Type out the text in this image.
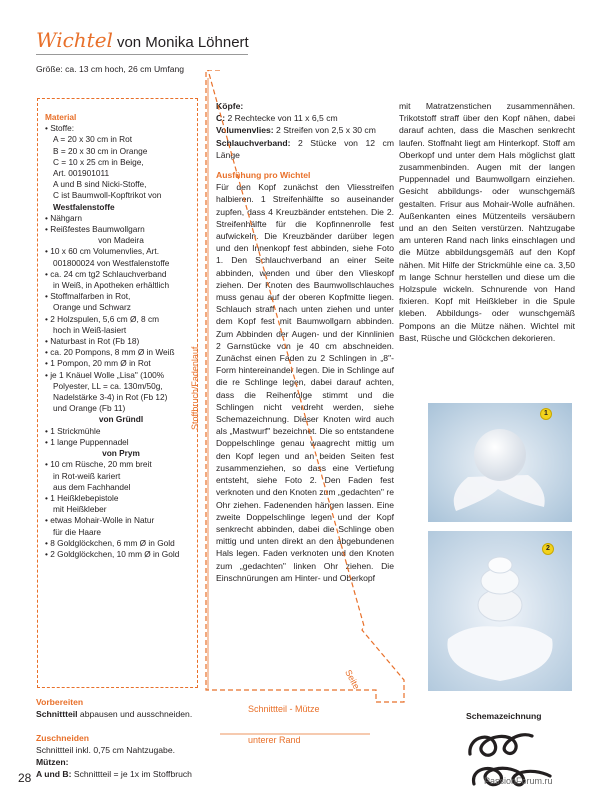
Wichtel von Monika Löhnert
Größe: ca. 13 cm hoch, 26 cm Umfang
Material
• Stoffe:
A = 20 x 30 cm in Rot
B = 20 x 30 cm in Orange
C = 10 x 25 cm in Beige,
Art. 001901011
A und B sind Nicki-Stoffe,
C ist Baumwoll-Kopftrikot von
Westfalenstoffe
• Nähgarn
• Reißfestes Baumwollgarn
von Madeira
• 10 x 60 cm Volumenvlies, Art.
001800024 von Westfalenstoffe
• ca. 24 cm tg2 Schlauchverband
in Weiß, in Apotheken erhältlich
• Stoffmalfarben in Rot,
Orange und Schwarz
• 2 Holzspulen, 5,6 cm Ø, 8 cm
hoch in Weiß-lasiert
• Naturbast in Rot (Fb 18)
• ca. 20 Pompons, 8 mm Ø in Weiß
• 1 Pompon, 20 mm Ø in Rot
• je 1 Knäuel Wolle „Lisa" (100%
Polyester, LL = ca. 130m/50g,
Nadelstärke 3-4) in Rot (Fb 12)
und Orange (Fb 11)
von Gründl
• 1 Strickmühle
• 1 lange Puppennadel
von Prym
• 10 cm Rüsche, 20 mm breit
in Rot-weiß kariert
aus dem Fachhandel
• 1 Heißklebepistole
mit Heißkleber
• etwas Mohair-Wolle in Natur
für die Haare
• 8 Goldglöckchen, 6 mm Ø in Gold
• 2 Goldglöckchen, 10 mm Ø in Gold
Vorbereiten
Schnittteil abpausen und ausschneiden.
Zuschneiden
Schnittteil inkl. 0,75 cm Nahtzugabe.
Mützen:
A und B: Schnittteil = je 1x im Stoffbruch
Köpfe:
C: 2 Rechtecke von 11 x 6,5 cm
Volumenvlies: 2 Streifen von 2,5 x 30 cm
Schlauchverband: 2 Stücke von 12 cm Länge
Ausfühung pro Wichtel
Für den Kopf zunächst den Vliesstreifen halbieren. 1 Streifenhälfte so auseinander zupfen, dass 4 Kreuzbänder entstehen. Die 2. Streifenhälfte für die Kopfinnenrolle fest aufwickeln. Die Kreuzbänder darüber legen und den Innenkopf fest abbinden, siehe Foto 1. Den Schlauchverband an einer Seite abbinden, wenden und über den Vlieskopf ziehen. Der Knoten des Baumwollschlauches muss genau auf der oberen Kopfmitte liegen. Schlauch straff nach unten ziehen und unter dem Kopf fest mit Baumwollgarn abbinden. Zum Abbinden der Augen- und der Kinnlinien 2 Garnstücke von je 40 cm abschneiden. Zunächst einen Faden zu 2 Schlingen in „8"- Form hintereinander legen. Die in Schlinge auf die re Schlinge legen, dabei darauf achten, dass die Reihenfolge stimmt und die Schlingen nicht verdreht werden, siehe Schemazeichnung. Dieser Knoten wird auch als „Mastwurf" bezeichnet. Die so entstandene Doppelschlinge genau waagrecht mittig um den Kopf legen und an beiden Seiten fest zusammenziehen, so dass eine Vertiefung entsteht, siehe Foto 2. Den Faden fest verknoten und den Knoten zum „gedachten" re Ohr ziehen. Fadenenden hängen lassen. Eine zweite Doppelschlinge legen und der Kopf senkrecht abbinden, dabei die Schlinge oben mittig und unten direkt an den abgebundenen Hals legen. Faden verknoten und den Knoten zum „gedachten" linken Ohr ziehen. Die Einschnürungen am Hinter- und Oberkopf
mit Matratzenstichen zusammennähen. Trikotstoff straff über den Kopf nähen, dabei darauf achten, dass die Maschen senkrecht laufen. Stoffnaht liegt am Hinterkopf. Stoff am Oberkopf und unter dem Hals möglichst glatt zusammenbinden. Augen mit der langen Puppennadel und Baumwollgarn einziehen. Gesicht abbildungs- oder wunschgemäß gestalten. Frisur aus Mohair-Wolle aufnähen. Außenkanten eines Mützenteils versäubern und an den Seiten verstürzen. Nahtzugabe am unteren Rand nach links einschlagen und die Mütze abbildungsgemäß auf den Kopf nähen. Mit Hilfe der Strickmühle eine ca. 3,50 m lange Schnur herstellen und diese um die Holzspule wickeln. Schnurende von Hand fixieren. Kopf mit Heißkleber in die Spule kleben. Abbildungs- oder wunschgemäß Pompons an die Mütze nähen. Wichtel mit Bast, Rüsche und Glöckchen dekorieren.
Stoffbruch/Fadenlauf
Schnittteil - Mütze
Seite
unterer Rand
1
2
Schemazeichnung
28	PassionForum.ru
